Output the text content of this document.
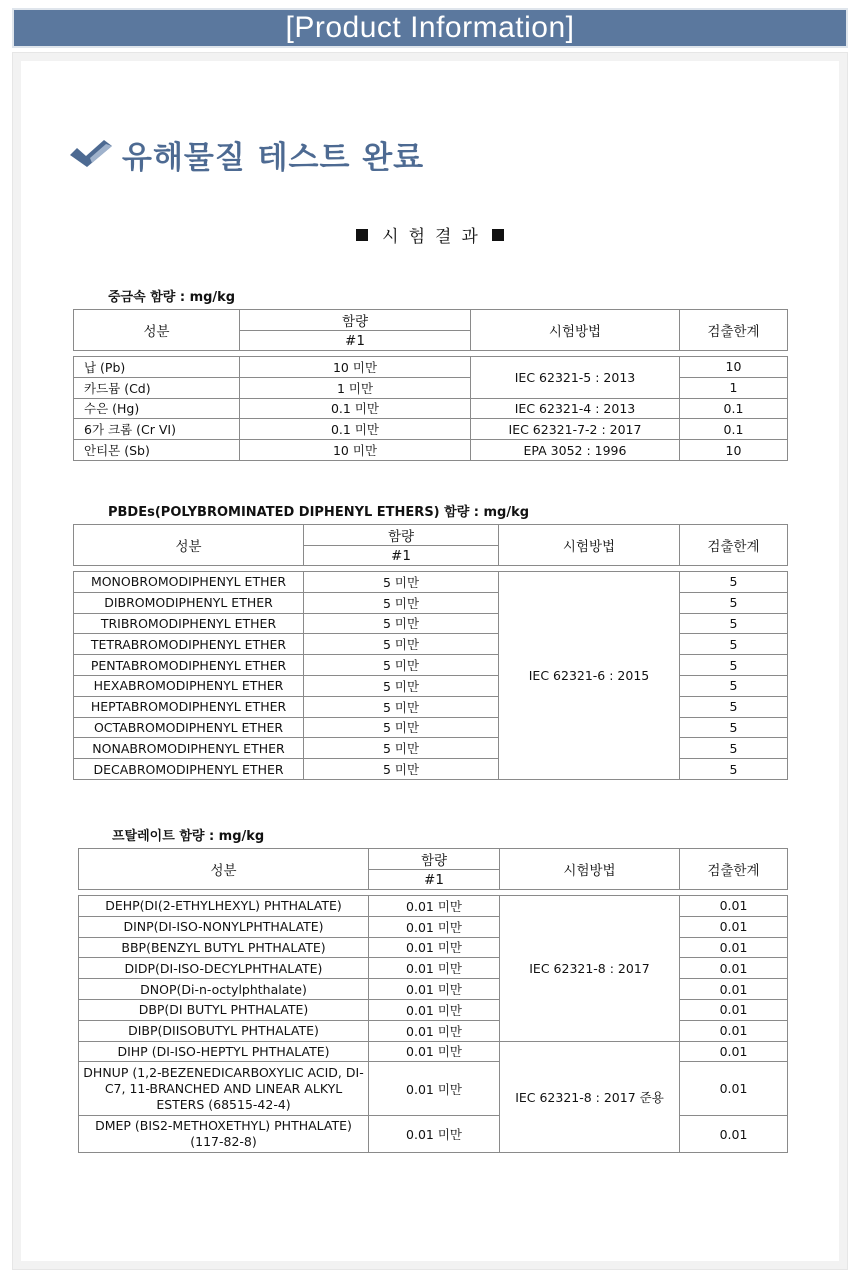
[Product Information]
유해물질 테스트 완료
시험결과
중금속 함량 : mg/kg
성분	함량	시험방법	검출한계
	#1		

납 (Pb)	10 미만	IEC 62321-5 : 2013	10
카드뮴 (Cd)	1 미만		1
수은 (Hg)	0.1 미만	IEC 62321-4 : 2013	0.1
6가 크롬 (Cr VI)	0.1 미만	IEC 62321-7-2 : 2017	0.1
안티몬 (Sb)	10 미만	EPA 3052 : 1996	10
PBDEs(POLYBROMINATED DIPHENYL ETHERS) 함량 : mg/kg
성분	함량	시험방법	검출한계
	#1		

MONOBROMODIPHENYL ETHER	5 미만	IEC 62321-6 : 2015	5
DIBROMODIPHENYL ETHER	5 미만		5
TRIBROMODIPHENYL ETHER	5 미만		5
TETRABROMODIPHENYL ETHER	5 미만		5
PENTABROMODIPHENYL ETHER	5 미만		5
HEXABROMODIPHENYL ETHER	5 미만		5
HEPTABROMODIPHENYL ETHER	5 미만		5
OCTABROMODIPHENYL ETHER	5 미만		5
NONABROMODIPHENYL ETHER	5 미만		5
DECABROMODIPHENYL ETHER	5 미만		5
프탈레이트 함량 : mg/kg
성분	함량	시험방법	검출한계
	#1		

DEHP(DI(2-ETHYLHEXYL) PHTHALATE)	0.01 미만	IEC 62321-8 : 2017	0.01
DINP(DI-ISO-NONYLPHTHALATE)	0.01 미만		0.01
BBP(BENZYL BUTYL PHTHALATE)	0.01 미만		0.01
DIDP(DI-ISO-DECYLPHTHALATE)	0.01 미만		0.01
DNOP(Di-n-octylphthalate)	0.01 미만		0.01
DBP(DI BUTYL PHTHALATE)	0.01 미만		0.01
DIBP(DIISOBUTYL PHTHALATE)	0.01 미만		0.01
DIHP (DI-ISO-HEPTYL PHTHALATE)	0.01 미만	IEC 62321-8 : 2017 준용	0.01
DHNUP (1,2-BEZENEDICARBOXYLIC ACID, DI-C7, 11-BRANCHED AND LINEAR ALKYL ESTERS (68515-42-4)	0.01 미만		0.01
DMEP (BIS2-METHOXETHYL) PHTHALATE) (117-82-8)	0.01 미만		0.01
